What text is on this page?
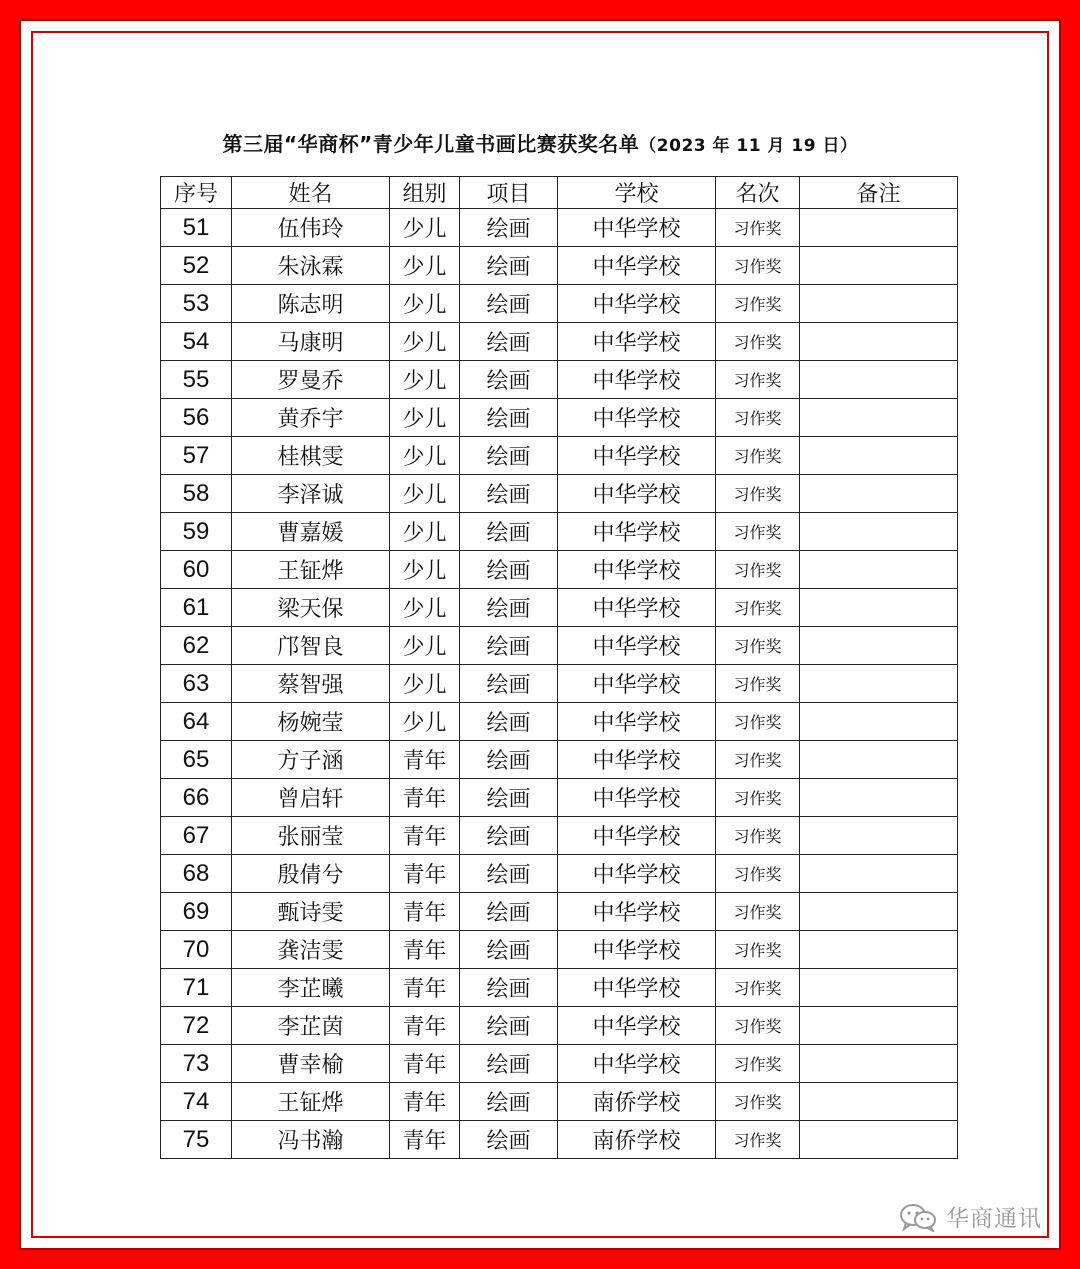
第三届“华商杯”青少年儿童书画比赛获奖名单（2023 年 11 月 19 日）
序号	姓名	组别	项目	学校	名次	备注
51	伍伟玲	少儿	绘画	中华学校	习作奖	
52	朱泳霖	少儿	绘画	中华学校	习作奖	
53	陈志明	少儿	绘画	中华学校	习作奖	
54	马康明	少儿	绘画	中华学校	习作奖	
55	罗曼乔	少儿	绘画	中华学校	习作奖	
56	黄乔宇	少儿	绘画	中华学校	习作奖	
57	桂棋雯	少儿	绘画	中华学校	习作奖	
58	李泽诚	少儿	绘画	中华学校	习作奖	
59	曹嘉媛	少儿	绘画	中华学校	习作奖	
60	王钲烨	少儿	绘画	中华学校	习作奖	
61	梁天保	少儿	绘画	中华学校	习作奖	
62	邝智良	少儿	绘画	中华学校	习作奖	
63	蔡智强	少儿	绘画	中华学校	习作奖	
64	杨婉莹	少儿	绘画	中华学校	习作奖	
65	方子涵	青年	绘画	中华学校	习作奖	
66	曾启轩	青年	绘画	中华学校	习作奖	
67	张丽莹	青年	绘画	中华学校	习作奖	
68	殷倩兮	青年	绘画	中华学校	习作奖	
69	甄诗雯	青年	绘画	中华学校	习作奖	
70	龚洁雯	青年	绘画	中华学校	习作奖	
71	李芷曦	青年	绘画	中华学校	习作奖	
72	李芷茵	青年	绘画	中华学校	习作奖	
73	曹幸榆	青年	绘画	中华学校	习作奖	
74	王钲烨	青年	绘画	南侨学校	习作奖	
75	冯书瀚	青年	绘画	南侨学校	习作奖	
华商通讯
